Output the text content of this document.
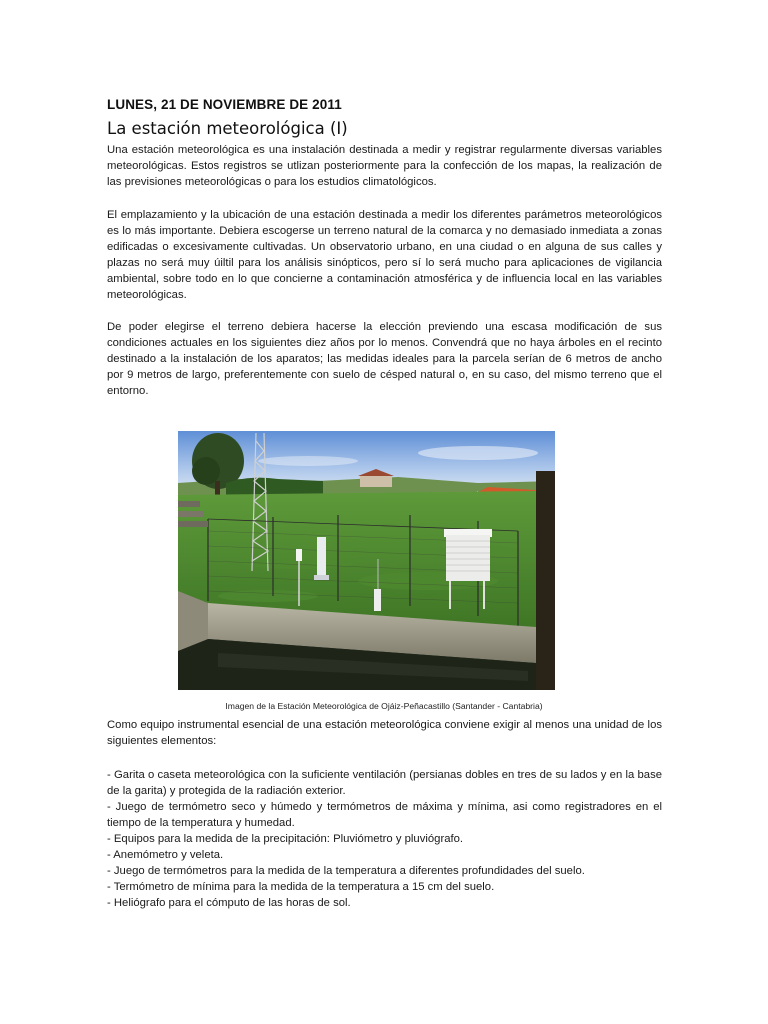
LUNES, 21 DE NOVIEMBRE DE 2011
La estación meteorológica (I)

Una estación meteorológica es una instalación destinada a medir y registrar regularmente diversas variables meteorológicas. Estos registros se utlizan posteriormente para la confección de los mapas, la realización de las previsiones meteorológicas o para los estudios climatológicos.

El emplazamiento y la ubicación de una estación destinada a medir los diferentes parámetros meteorológicos es lo más importante. Debiera escogerse un terreno natural de la comarca y no demasiado inmediata a zonas edificadas o excesivamente cultivadas. Un observatorio urbano, en una ciudad o en alguna de sus calles y plazas no será muy úiltil para los análisis sinópticos, pero sí lo será mucho para aplicaciones de vigilancia ambiental, sobre todo en lo que concierne a contaminación atmosférica y de influencia local en las variables meteorológicas.

De poder elegirse el terreno debiera hacerse la elección previendo una escasa modificación de sus condiciones actuales en los siguientes diez años por lo menos. Convendrá que no haya árboles en el recinto destinado a la instalación de los aparatos; las medidas ideales para la parcela serían de 6 metros de ancho por 9 metros de largo, preferentemente con suelo de césped natural o, en su caso, del mismo terreno que el entorno.

Como equipo instrumental esencial de una estación meteorológica conviene exigir al menos una unidad de los siguientes elementos:

- Garita o caseta meteorológica con la suficiente ventilación (persianas dobles en tres de su lados y en la base de la garita) y protegida de la radiación exterior.

- Juego de termómetro seco y húmedo y termómetros de máxima y mínima, asi como registradores en el tiempo de la temperatura y humedad.

- Equipos para la medida de la precipitación: Pluviómetro y pluviógrafo.

- Anemómetro y veleta.

- Juego de termómetros para la medida de la temperatura a diferentes profundidades del suelo.

- Termómetro de mínima para la medida de la temperatura a 15 cm del suelo.

- Heliógrafo para el cómputo de las horas de sol.

Imagen de la Estación Meteorológica de Ojáiz-Peñacastillo (Santander - Cantabria)
